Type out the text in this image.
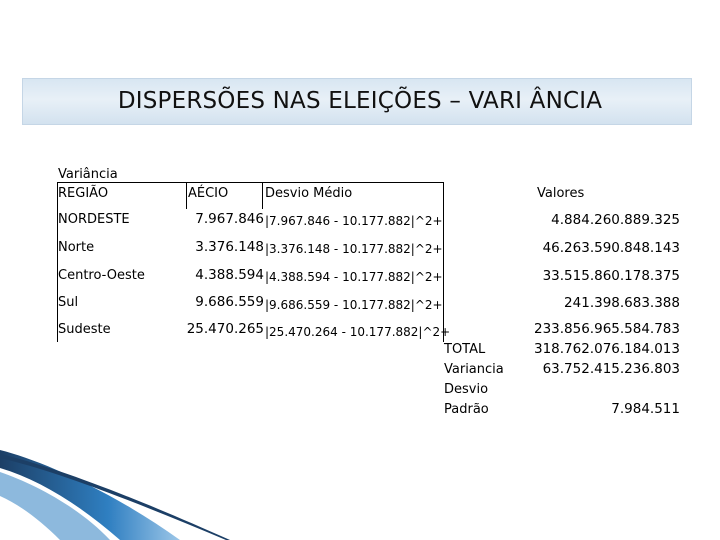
DISPERSÕES NAS ELEIÇÕES – VARI ÂNCIA
Variância
REGIÃO	AÉCIO	Desvio Médio	Valores
NORDESTE	7.967.846 |7.967.846 - 10.177.882|^2+	4.884.260.889.325
Norte	3.376.148 |3.376.148 - 10.177.882|^2+	46.263.590.848.143
Centro-Oeste	4.388.594 |4.388.594 - 10.177.882|^2+	33.515.860.178.375
Sul	9.686.559 |9.686.559 - 10.177.882|^2+	241.398.683.388
Sudeste	25.470.265 |25.470.264 - 10.177.882|^2+	233.856.965.584.783
TOTAL	318.762.076.184.013
Variancia	63.752.415.236.803
Desvio
Padrão	7.984.511
